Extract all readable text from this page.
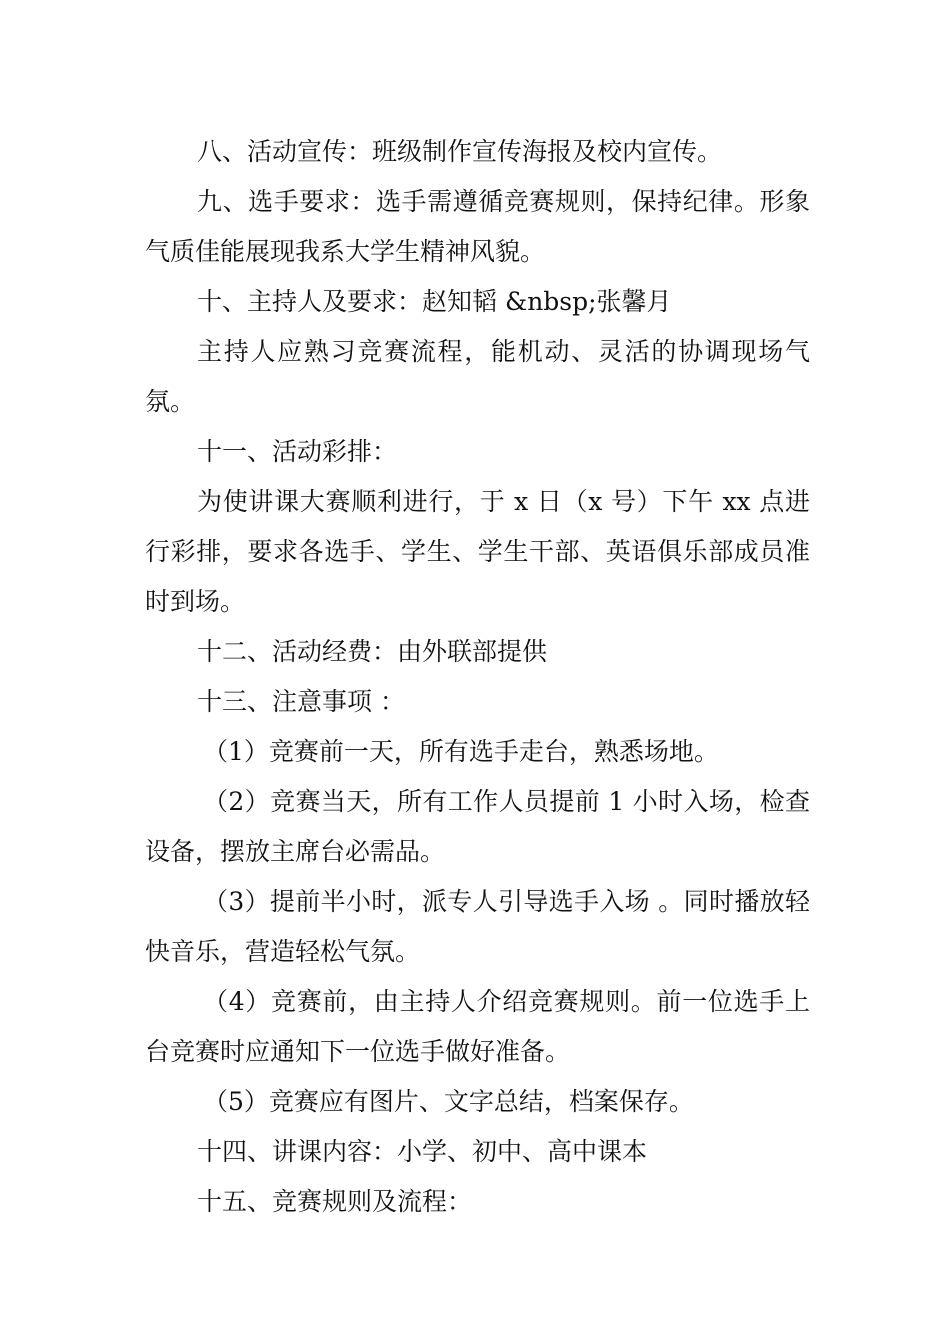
八、活动宣传：班级制作宣传海报及校内宣传。

九、选手要求：选手需遵循竞赛规则，保持纪律。形象气质佳能展现我系大学生精神风貌。

十、主持人及要求：赵知韬 &nbsp;张馨月

主持人应熟习竞赛流程，能机动、灵活的协调现场气氛。

十一、活动彩排：

为使讲课大赛顺利进行，于 x 日（x 号）下午 xx 点进行彩排，要求各选手、学生、学生干部、英语俱乐部成员准时到场。

十二、活动经费：由外联部提供

十三、注意事项 ：

（1）竞赛前一天，所有选手走台，熟悉场地。

（2）竞赛当天，所有工作人员提前 1 小时入场，检查设备，摆放主席台必需品。

（3）提前半小时，派专人引导选手入场 。同时播放轻快音乐，营造轻松气氛。

（4）竞赛前，由主持人介绍竞赛规则。前一位选手上台竞赛时应通知下一位选手做好准备。

（5）竞赛应有图片、文字总结，档案保存。

十四、讲课内容：小学、初中、高中课本

十五、竞赛规则及流程：
